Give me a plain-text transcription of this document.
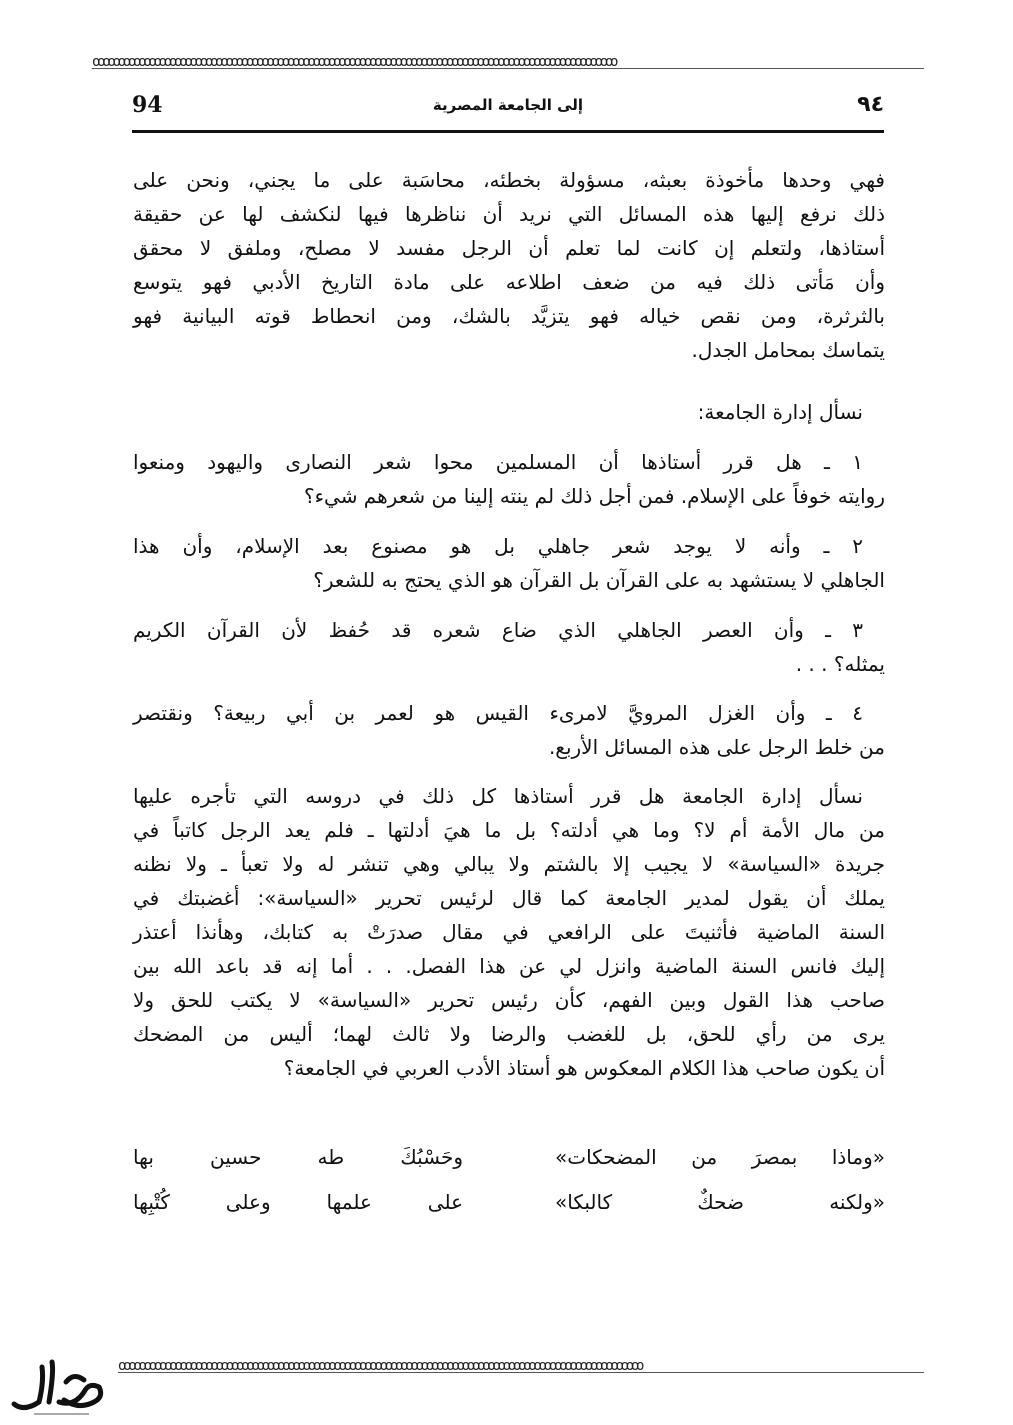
oooooooooooooooooooooooooooooooooooooooooooooooooooooooooooooooooooooooooooooooooooooooooooooooooooooo
94	إلى الجامعة المصرية	٩٤
فهي وحدها مأخوذة بعبثه، مسؤولة بخطئه، محاسَبة على ما يجني، ونحن على
ذلك نرفع إليها هذه المسائل التي نريد أن نناظرها فيها لنكشف لها عن حقيقة
أستاذها، ولتعلم إن كانت لما تعلم أن الرجل مفسد لا مصلح، وملفق لا محقق
وأن مَأتى ذلك فيه من ضعف اطلاعه على مادة التاريخ الأدبي فهو يتوسع
بالثرثرة، ومن نقص خياله فهو يتزيَّد بالشك، ومن انحطاط قوته البيانية فهو
يتماسك بمحامل الجدل.
نسأل إدارة الجامعة:
١ ـ هل قرر أستاذها أن المسلمين محوا شعر النصارى واليهود ومنعوا
روايته خوفاً على الإسلام. فمن أجل ذلك لم ينته إلينا من شعرهم شيء؟
٢ ـ وأنه لا يوجد شعر جاهلي بل هو مصنوع بعد الإسلام، وأن هذا
الجاهلي لا يستشهد به على القرآن بل القرآن هو الذي يحتج به للشعر؟
٣ ـ وأن العصر الجاهلي الذي ضاع شعره قد حُفظ لأن القرآن الكريم
يمثله؟ . . .
٤ ـ وأن الغزل المرويَّ لامرىء القيس هو لعمر بن أبي ربيعة؟ ونقتصر
من خلط الرجل على هذه المسائل الأربع.
نسأل إدارة الجامعة هل قرر أستاذها كل ذلك في دروسه التي تأجره عليها
من مال الأمة أم لا؟ وما هي أدلته؟ بل ما هيَ أدلتها ـ فلم يعد الرجل كاتباً في
جريدة «السياسة» لا يجيب إلا بالشتم ولا يبالي وهي تنشر له ولا تعبأ ـ ولا نظنه
يملك أن يقول لمدير الجامعة كما قال لرئيس تحرير «السياسة»: أغضبتك في
السنة الماضية فأثنيتَ على الرافعي في مقال صدرَتْ به كتابك، وهأنذا أعتذر
إليك فانس السنة الماضية وانزل لي عن هذا الفصل. . . أما إنه قد باعد الله بين
صاحب هذا القول وبين الفهم، كأن رئيس تحرير «السياسة» لا يكتب للحق ولا
يرى من رأي للحق، بل للغضب والرضا ولا ثالث لهما؛ أليس من المضحك
أن يكون صاحب هذا الكلام المعكوس هو أستاذ الأدب العربي في الجامعة؟
«وماذا بمصرَ من المضحكات»
وحَسْبُكَ طه حسين بها
«ولكنه ضحكٌ كالبكا»
على علمها وعلى كُتْبِها
oooooooooooooooooooooooooooooooooooooooooooooooooooooooooooooooooooooooooooooooooooooooooooooooooooooo
